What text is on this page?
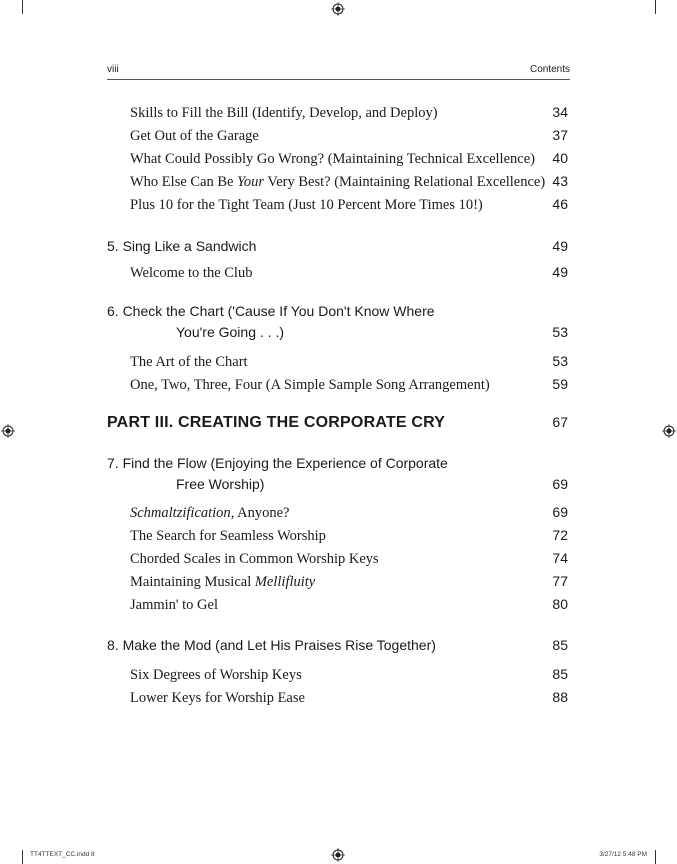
viii	Contents
Skills to Fill the Bill (Identify, Develop, and Deploy)	34
Get Out of the Garage	37
What Could Possibly Go Wrong? (Maintaining Technical Excellence) 40
Who Else Can Be Your Very Best? (Maintaining Relational Excellence) 43
Plus 10 for the Tight Team (Just 10 Percent More Times 10!)	46
5. Sing Like a Sandwich	49
Welcome to the Club	49
6. Check the Chart ('Cause If You Don't Know Where
You're Going . . .)	53
The Art of the Chart	53
One, Two, Three, Four (A Simple Sample Song Arrangement)	59
PART III. CREATING THE CORPORATE CRY	67
7. Find the Flow (Enjoying the Experience of Corporate
Free Worship)	69
Schmaltzification, Anyone?	69
The Search for Seamless Worship	72
Chorded Scales in Common Worship Keys	74
Maintaining Musical Mellifluity	77
Jammin' to Gel	80
8. Make the Mod (and Let His Praises Rise Together)	85
Six Degrees of Worship Keys	85
Lower Keys for Worship Ease	88
TT4TTEXT_CC.indd 8	3/27/12 5:48 PM
